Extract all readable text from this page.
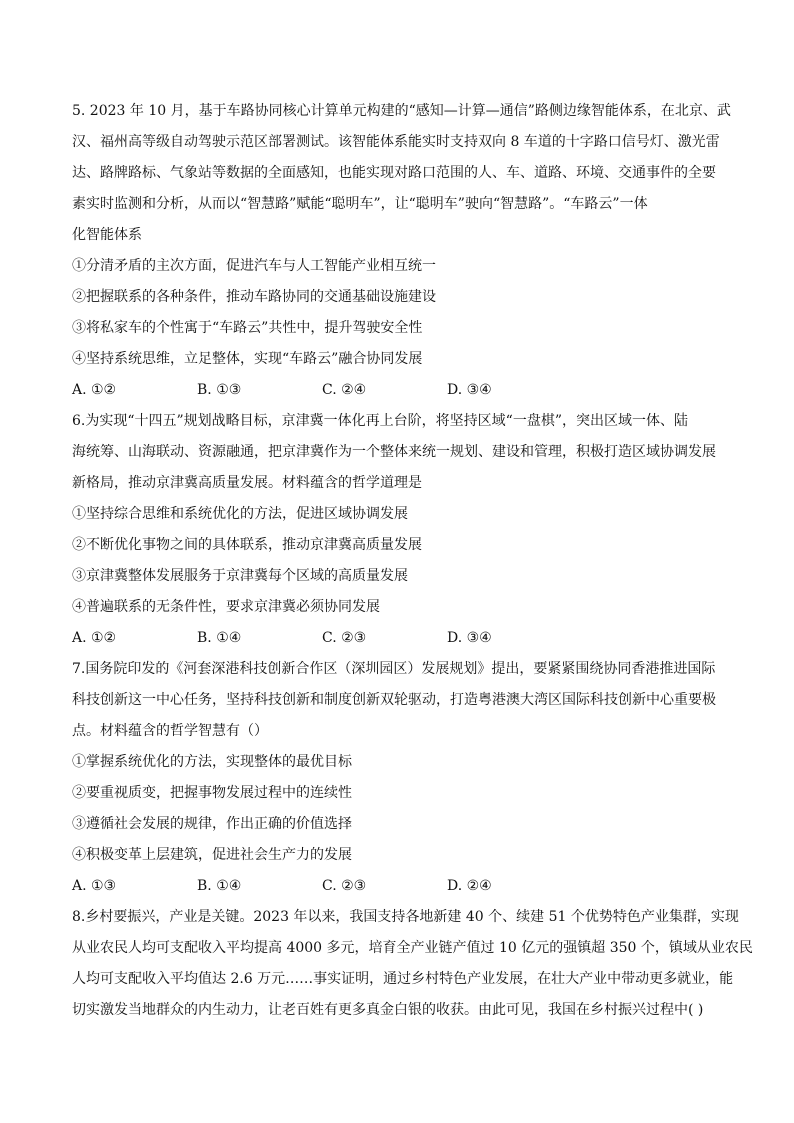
5. 2023 年 10 月，基于车路协同核心计算单元构建的“感知—计算—通信”路侧边缘智能体系，在北京、武
汉、福州高等级自动驾驶示范区部署测试。该智能体系能实时支持双向 8 车道的十字路口信号灯、激光雷
达、路牌路标、气象站等数据的全面感知，也能实现对路口范围的人、车、道路、环境、交通事件的全要
素实时监测和分析，从而以“智慧路”赋能“聪明车”，让“聪明车”驶向“智慧路”。“车路云”一体
化智能体系
①分清矛盾的主次方面，促进汽车与人工智能产业相互统一
②把握联系的各种条件，推动车路协同的交通基础设施建设
③将私家车的个性寓于“车路云”共性中，提升驾驶安全性
④坚持系统思维，立足整体，实现“车路云”融合协同发展
A. ①②	B. ①③	C. ②④	D. ③④
6.为实现“十四五”规划战略目标，京津冀一体化再上台阶，将坚持区域“一盘棋”，突出区域一体、陆
海统筹、山海联动、资源融通，把京津冀作为一个整体来统一规划、建设和管理，积极打造区域协调发展
新格局，推动京津冀高质量发展。材料蕴含的哲学道理是
①坚持综合思维和系统优化的方法，促进区域协调发展
②不断优化事物之间的具体联系，推动京津冀高质量发展
③京津冀整体发展服务于京津冀每个区域的高质量发展
④普遍联系的无条件性，要求京津冀必须协同发展
A. ①②	B. ①④	C. ②③	D. ③④
7.国务院印发的《河套深港科技创新合作区（深圳园区）发展规划》提出，要紧紧围绕协同香港推进国际
科技创新这一中心任务，坚持科技创新和制度创新双轮驱动，打造粤港澳大湾区国际科技创新中心重要极
点。材料蕴含的哲学智慧有（）
①掌握系统优化的方法，实现整体的最优目标
②要重视质变，把握事物发展过程中的连续性
③遵循社会发展的规律，作出正确的价值选择
④积极变革上层建筑，促进社会生产力的发展
A. ①③	B. ①④	C. ②③	D. ②④
8.乡村要振兴，产业是关键。2023 年以来，我国支持各地新建 40 个、续建 51 个优势特色产业集群，实现
从业农民人均可支配收入平均提高 4000 多元，培育全产业链产值过 10 亿元的强镇超 350 个，镇域从业农民
人均可支配收入平均值达 2.6 万元……事实证明，通过乡村特色产业发展，在壮大产业中带动更多就业，能
切实激发当地群众的内生动力，让老百姓有更多真金白银的收获。由此可见，我国在乡村振兴过程中( )
